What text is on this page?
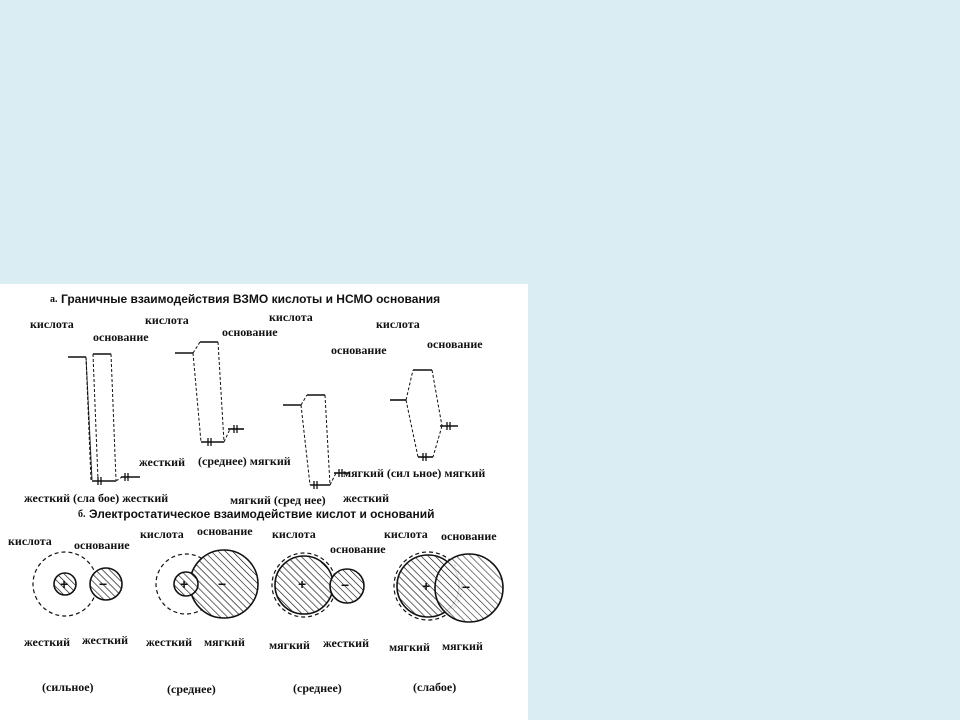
а. Граничные взаимодействия ВЗМО кислоты и НСМО основания
кислота
основание
жесткий (сла бое) жесткий
кислота
основание
жесткий (среднее) мягкий
кислота
основание
мягкий (сред нее) жесткий
кислота
основание
мягкий (сил ьное) мягкий
б. Электростатическое взаимодействие кислот и оснований
кислота основание
+ −
жесткий жесткий
(сильное)
кислота основание
+ −
жесткий мягкий
(среднее)
кислота
основание
+ −
мягкий жесткий
(среднее)
кислота основание
+ −
мягкий мягкий
(слабое)
